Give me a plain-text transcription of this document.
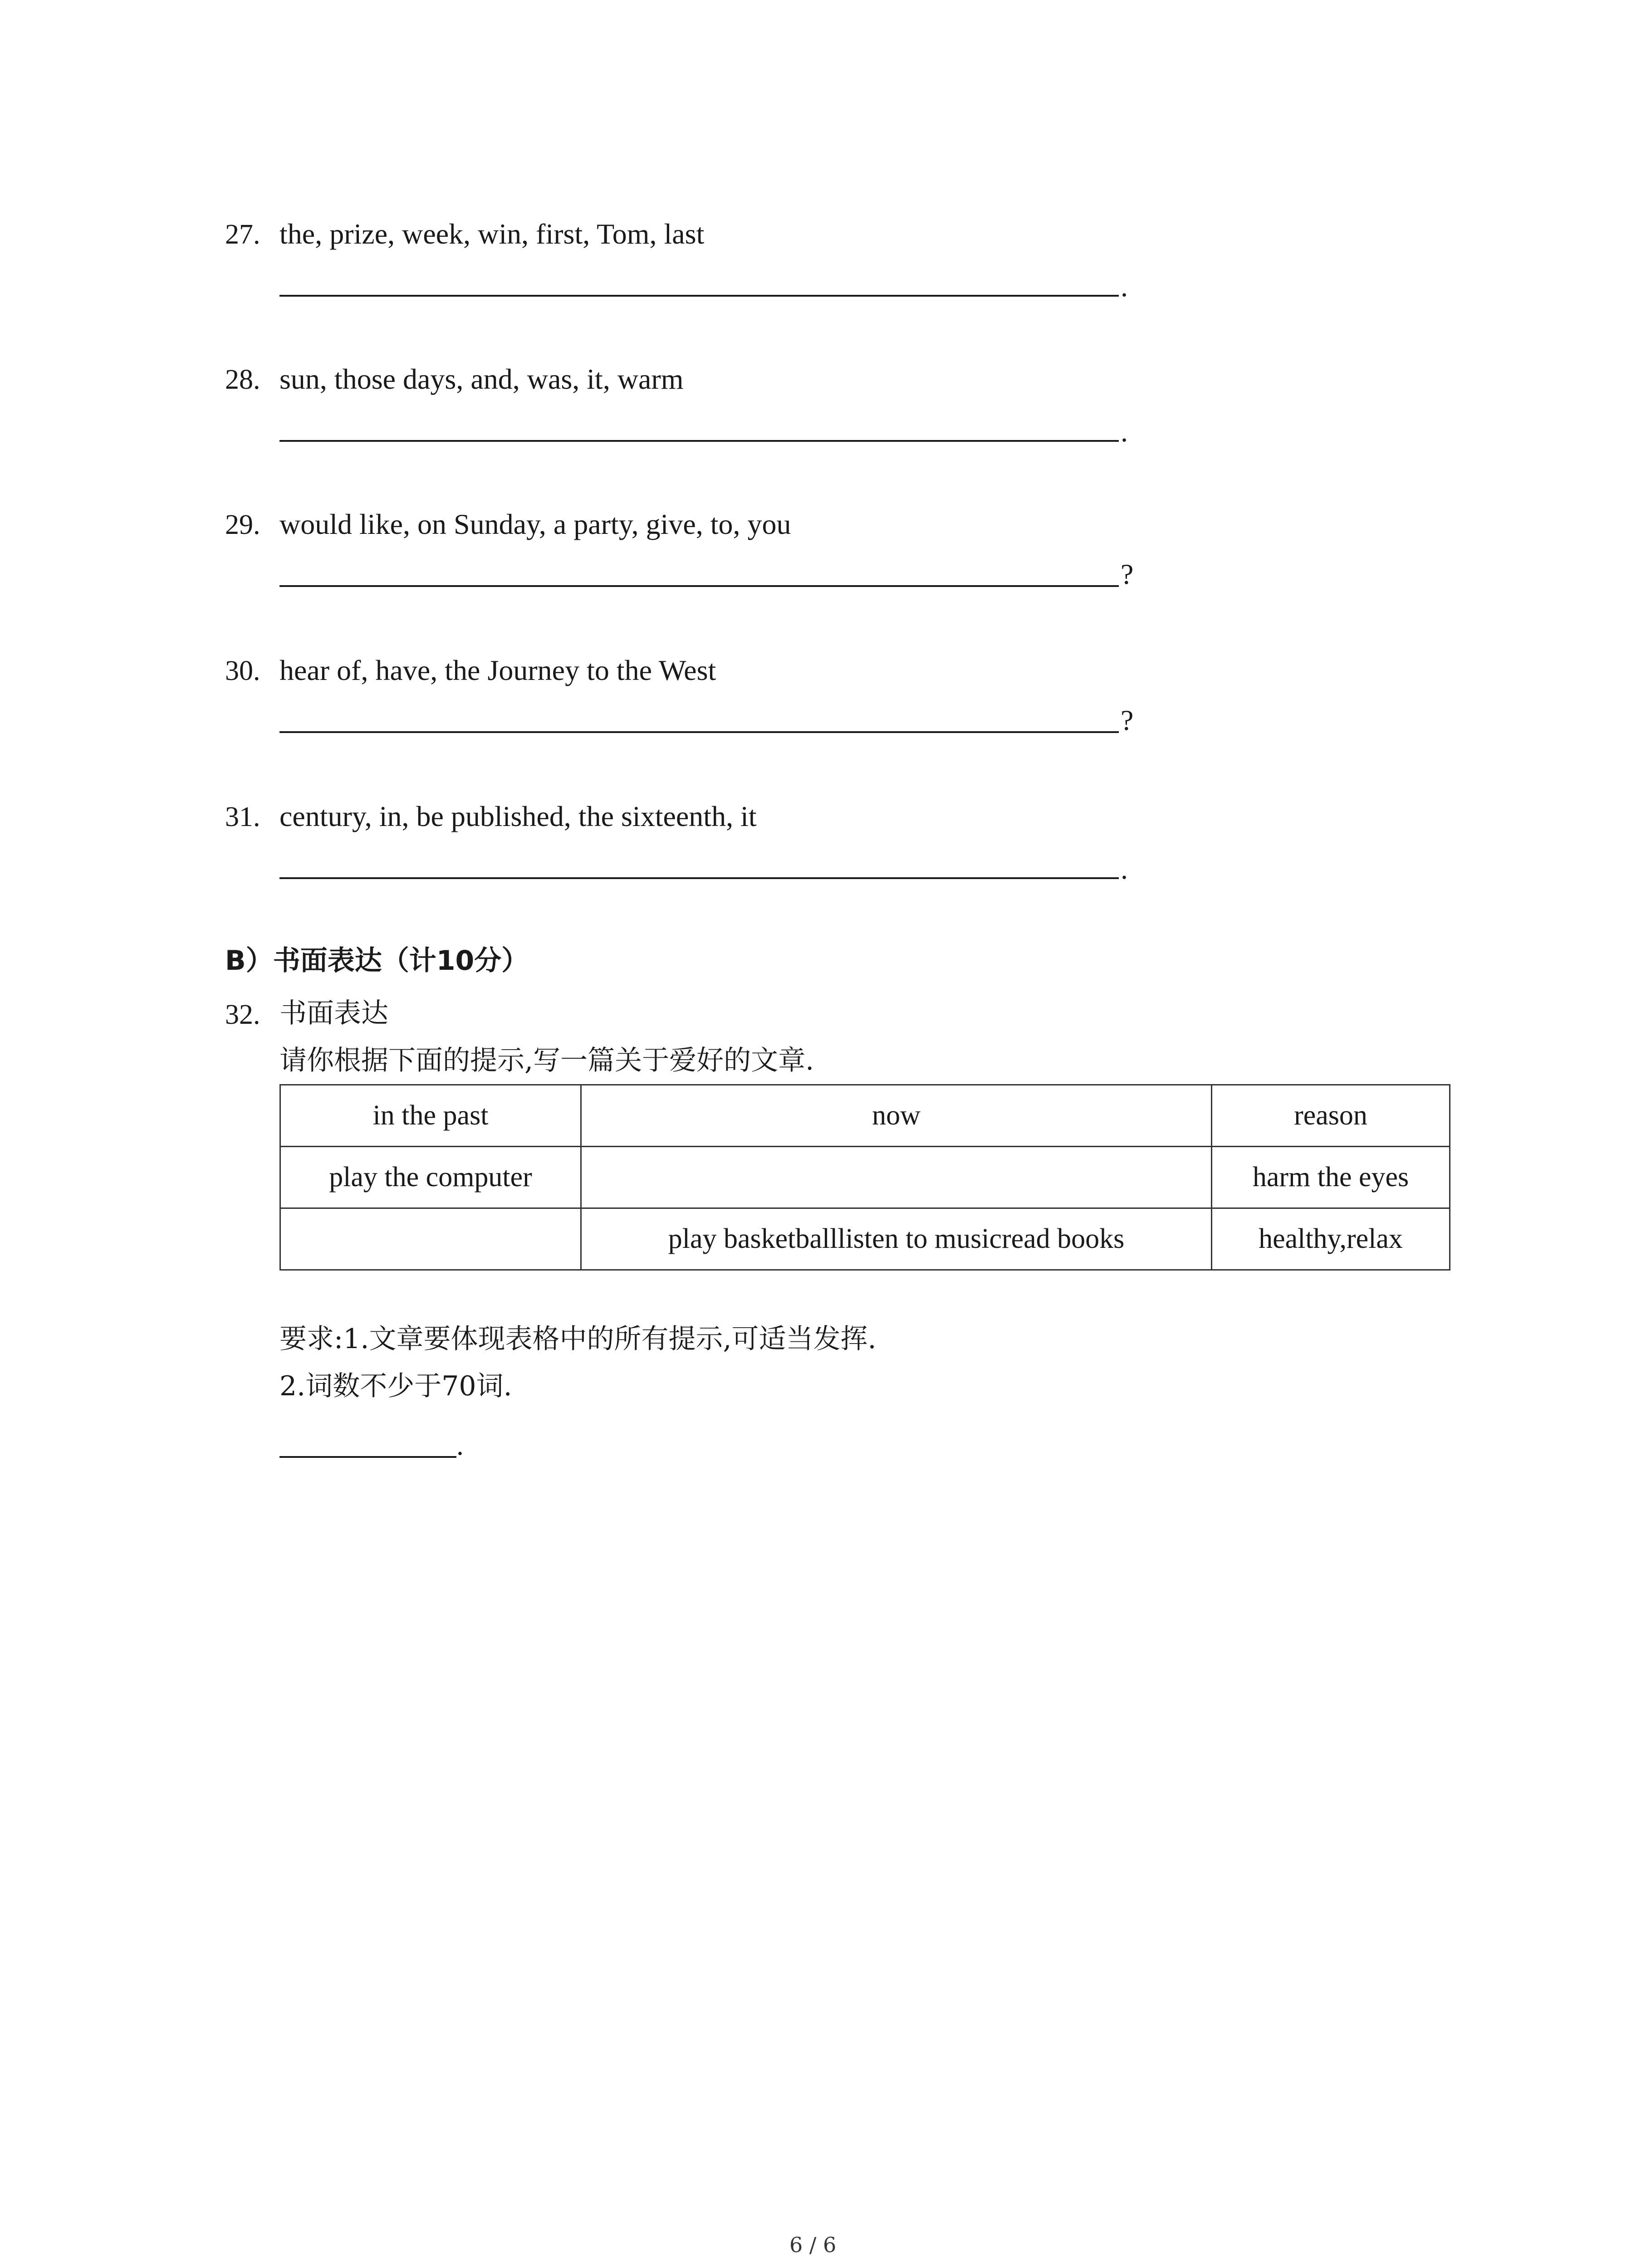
27. the, prize, week, win, first, Tom, last
.
28. sun, those days, and, was, it, warm
.
29. would like, on Sunday, a party, give, to, you
?
30. hear of, have, the Journey to the West
?
31. century, in, be published, the sixteenth, it
.
B）书面表达（计10分）
32. 书面表达
请你根据下面的提示,写一篇关于爱好的文章.
in the past	now	reason
play the computer		harm the eyes
	play basketballlisten to musicread books	healthy,relax
要求:1.文章要体现表格中的所有提示,可适当发挥.
2.词数不少于70词.
.
6 / 6
